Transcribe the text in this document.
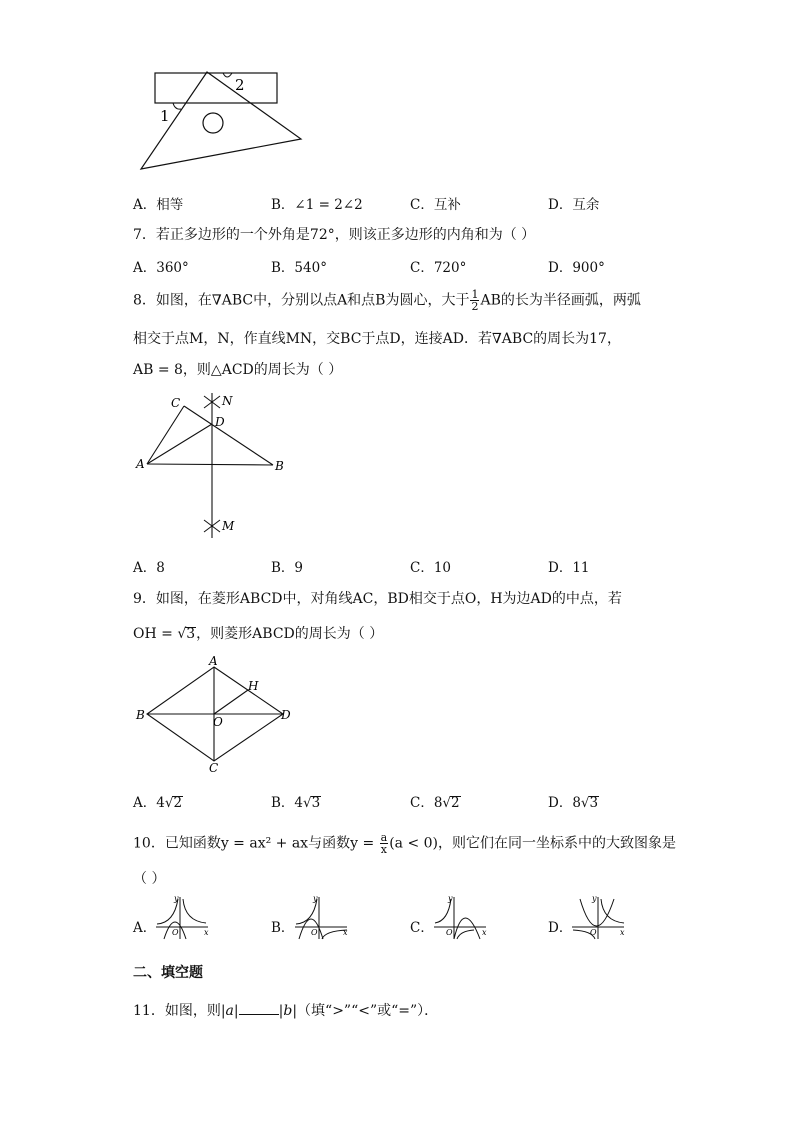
2
1
A．相等	B．∠1 = 2∠2	C．互补	D．互余
7．若正多边形的一个外角是72°，则该正多边形的内角和为（ ）
A．360°	B．540°	C．720°	D．900°
8．如图，在∇ABC中，分别以点A和点B为圆心，大于 $\frac{1}{2}$ AB的长为半径画弧，两弧
相交于点M，N，作直线MN，交BC于点D，连接AD．若∇ABC的周长为17，
AB = 8，则△ACD的周长为（ ）
C	N
D
A	B
M
A．8	B．9	C．10	D．11
9．如图，在菱形ABCD中，对角线AC，BD相交于点O，H为边AD的中点，若
OH = √3，则菱形ABCD的周长为（ ）
A
H
B	O	D
C
A．4√2	B．4√3	C．8√2	D．8√3
10．已知函数y = ax² + ax与函数$y = \frac{a}{x} (a < 0)$，则它们在同一坐标系中的大致图象是
（ ）
A．
y
x
O	B．
y
x
O	C．
y
x
O	D．
y
x
O
二、填空题
11．如图，则|a|	|b|（填“>”“<”或“=”）．
